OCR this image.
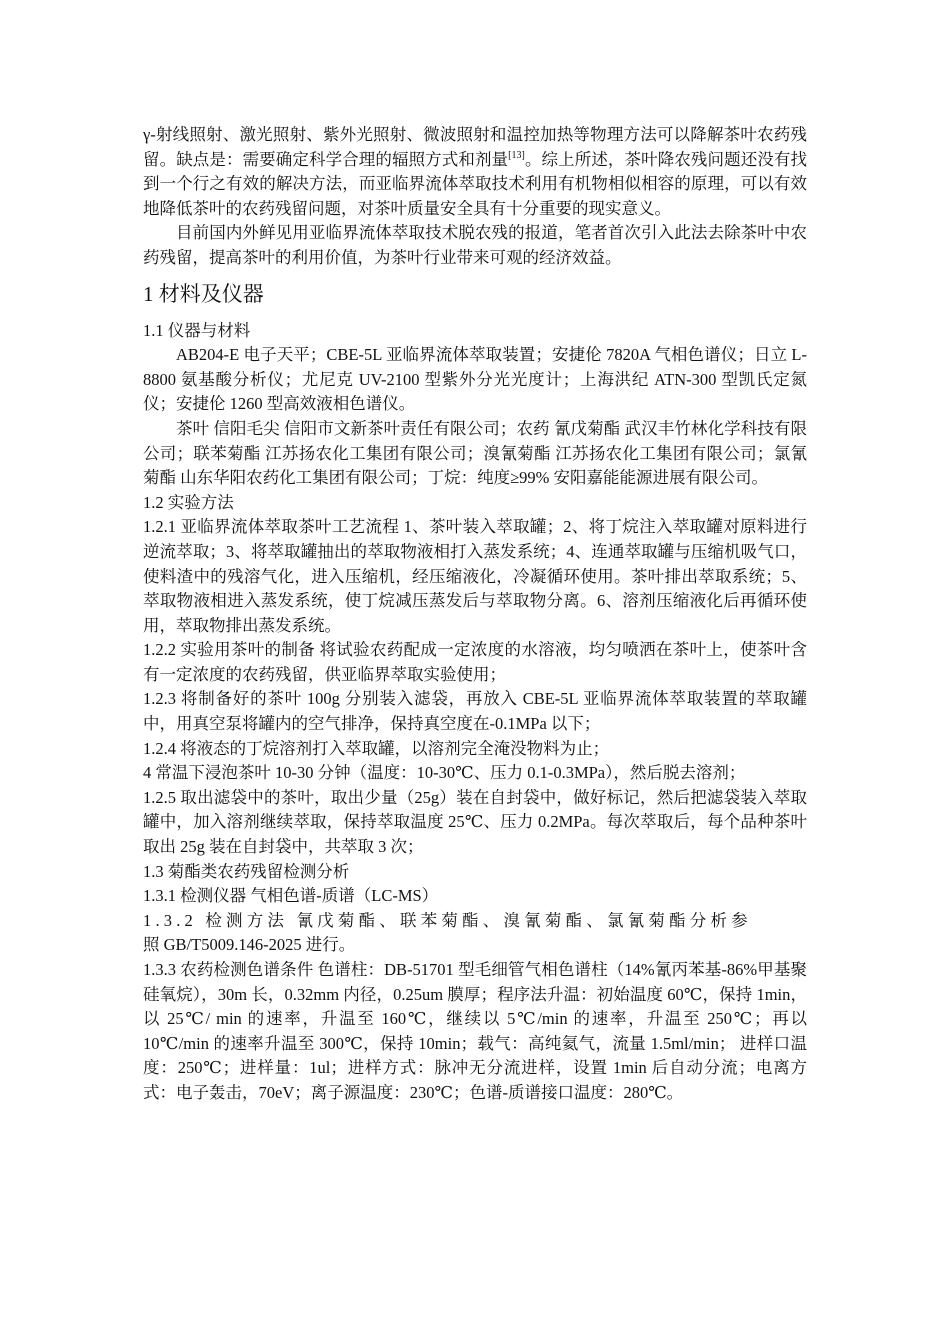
γ-射线照射、激光照射、紫外光照射、微波照射和温控加热等物理方法可以降解茶叶农药残留。缺点是：需要确定科学合理的辐照方式和剂量[13]。综上所述，茶叶降农残问题还没有找到一个行之有效的解决方法，而亚临界流体萃取技术利用有机物相似相容的原理，可以有效地降低茶叶的农药残留问题，对茶叶质量安全具有十分重要的现实意义。

目前国内外鲜见用亚临界流体萃取技术脱农残的报道，笔者首次引入此法去除茶叶中农药残留，提高茶叶的利用价值，为茶叶行业带来可观的经济效益。

1 材料及仪器

1.1 仪器与材料

AB204-E 电子天平；CBE-5L 亚临界流体萃取装置；安捷伦 7820A 气相色谱仪；日立 L-8800 氨基酸分析仪；尤尼克 UV-2100 型紫外分光光度计；上海洪纪 ATN-300 型凯氏定氮仪；安捷伦 1260 型高效液相色谱仪。

茶叶 信阳毛尖 信阳市文新茶叶责任有限公司；农药 氰戊菊酯 武汉丰竹林化学科技有限公司；联苯菊酯 江苏扬农化工集团有限公司；溴氰菊酯 江苏扬农化工集团有限公司；氯氰菊酯 山东华阳农药化工集团有限公司；丁烷：纯度≥99% 安阳嘉能能源进展有限公司。

1.2 实验方法

1.2.1 亚临界流体萃取茶叶工艺流程 1、茶叶装入萃取罐；2、将丁烷注入萃取罐对原料进行逆流萃取；3、将萃取罐抽出的萃取物液相打入蒸发系统；4、连通萃取罐与压缩机吸气口，使料渣中的残溶气化，进入压缩机，经压缩液化，冷凝循环使用。茶叶排出萃取系统；5、萃取物液相进入蒸发系统，使丁烷减压蒸发后与萃取物分离。6、溶剂压缩液化后再循环使用，萃取物排出蒸发系统。

1.2.2 实验用茶叶的制备 将试验农药配成一定浓度的水溶液，均匀喷洒在茶叶上，使茶叶含有一定浓度的农药残留，供亚临界萃取实验使用；

1.2.3 将制备好的茶叶 100g 分别装入滤袋，再放入 CBE-5L 亚临界流体萃取装置的萃取罐中，用真空泵将罐内的空气排净，保持真空度在-0.1MPa 以下；

1.2.4 将液态的丁烷溶剂打入萃取罐，以溶剂完全淹没物料为止；

4 常温下浸泡茶叶 10-30 分钟（温度：10-30℃、压力 0.1-0.3MPa），然后脱去溶剂；

1.2.5 取出滤袋中的茶叶，取出少量（25g）装在自封袋中，做好标记，然后把滤袋装入萃取罐中，加入溶剂继续萃取，保持萃取温度 25℃、压力 0.2MPa。每次萃取后，每个品种茶叶取出 25g 装在自封袋中，共萃取 3 次；

1.3 菊酯类农药残留检测分析

1.3.1 检测仪器 气相色谱-质谱（LC-MS）

1.3.2 检测方法 氰戊菊酯、联苯菊酯、溴氰菊酯、氯氰菊酯分析参
照 GB/T5009.146-2025 进行。

1.3.3 农药检测色谱条件 色谱柱：DB-51701 型毛细管气相色谱柱（14%氰丙苯基-86%甲基聚硅氧烷），30m 长，0.32mm 内径，0.25um 膜厚；程序法升温：初始温度 60℃，保持 1min，以 25℃/ min 的速率，升温至 160℃，继续以 5℃/min 的速率，升温至 250℃；再以 10℃/min 的速率升温至 300℃，保持 10min；载气：高纯氦气，流量 1.5ml/min； 进样口温度：250℃；进样量：1ul；进样方式：脉冲无分流进样，设置 1min 后自动分流；电离方式：电子轰击，70eV；离子源温度：230℃；色谱-质谱接口温度：280℃。
